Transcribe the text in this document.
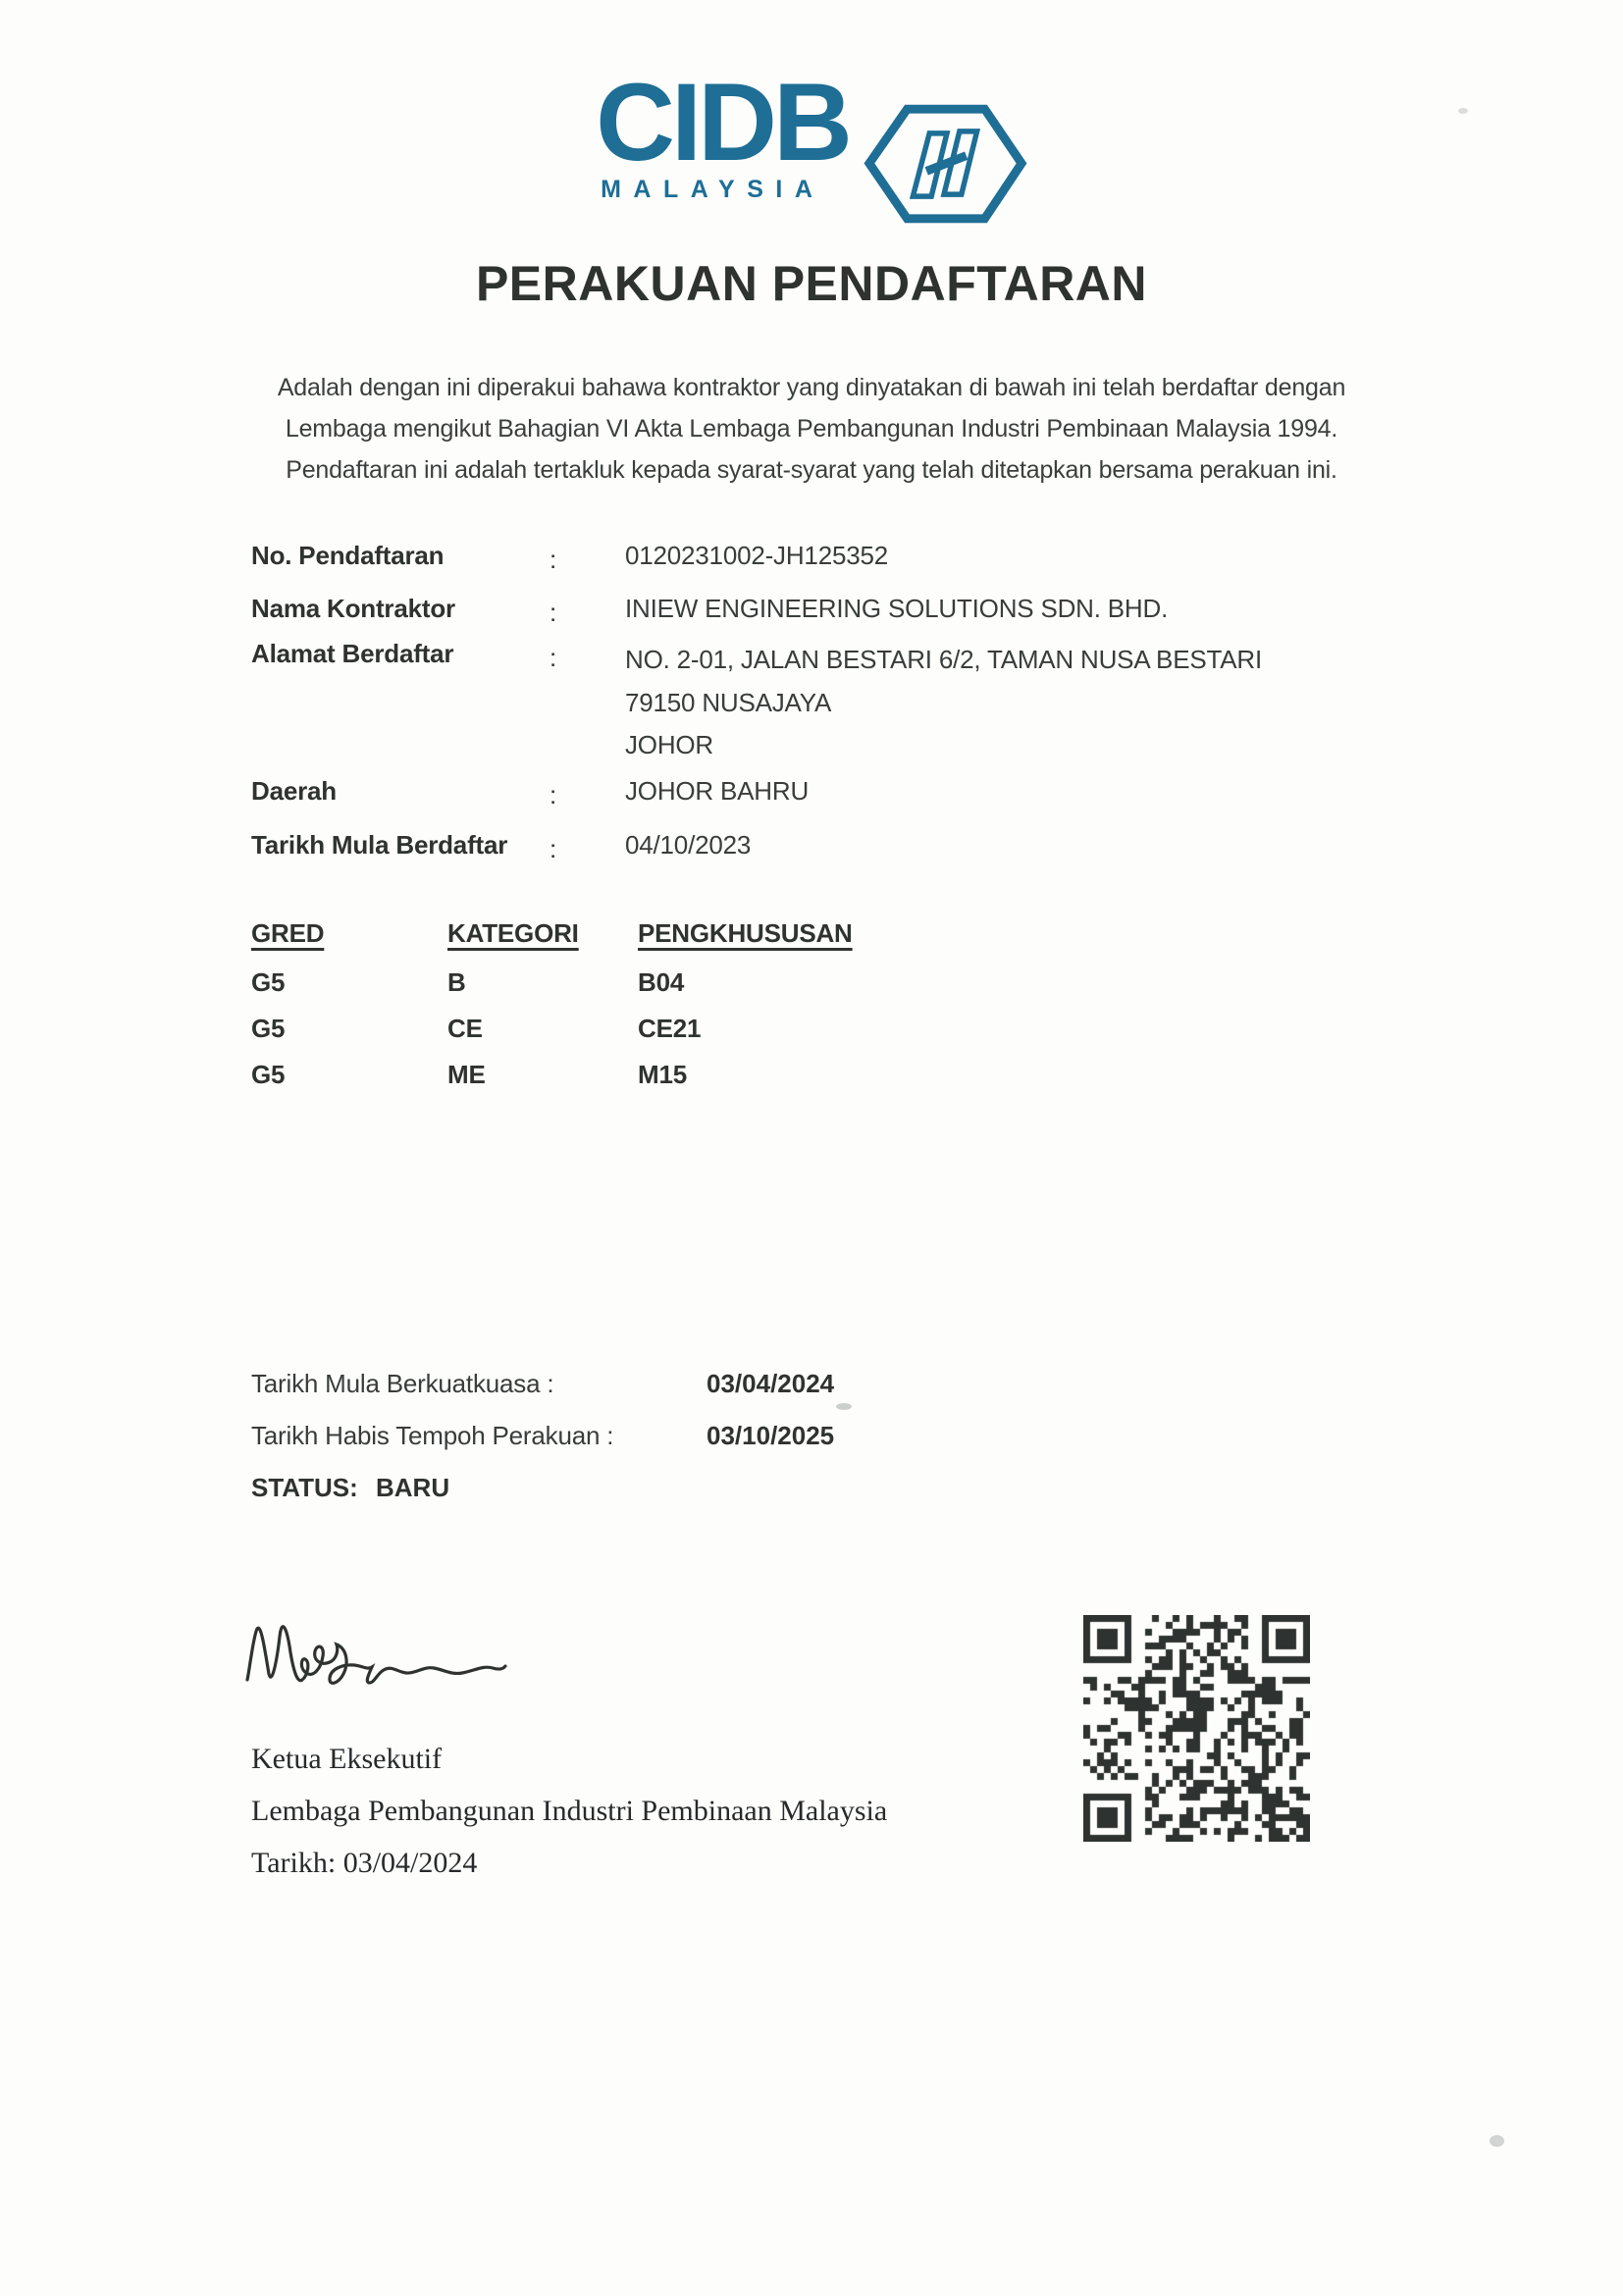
CIDB
MALAYSIA
PERAKUAN PENDAFTARAN
Adalah dengan ini diperakui bahawa kontraktor yang dinyatakan di bawah ini telah berdaftar dengan
Lembaga mengikut Bahagian VI Akta Lembaga Pembangunan Industri Pembinaan Malaysia 1994.
Pendaftaran ini adalah tertakluk kepada syarat-syarat yang telah ditetapkan bersama perakuan ini.
No. Pendaftaran	:	0120231002-JH125352
Nama Kontraktor	:	INIEW ENGINEERING SOLUTIONS SDN. BHD.
Alamat Berdaftar	:	NO. 2-01, JALAN BESTARI 6/2, TAMAN NUSA BESTARI
79150 NUSAJAYA
JOHOR
Daerah	:	JOHOR BAHRU
Tarikh Mula Berdaftar :	04/10/2023
GRED	KATEGORI PENGKHUSUSAN
G5	B	B04
G5	CE	CE21
G5	ME	M15
Tarikh Mula Berkuatkuasa :	03/04/2024
Tarikh Habis Tempoh Perakuan :	03/10/2025
STATUS: BARU
Ketua Eksekutif
Lembaga Pembangunan Industri Pembinaan Malaysia
Tarikh: 03/04/2024
